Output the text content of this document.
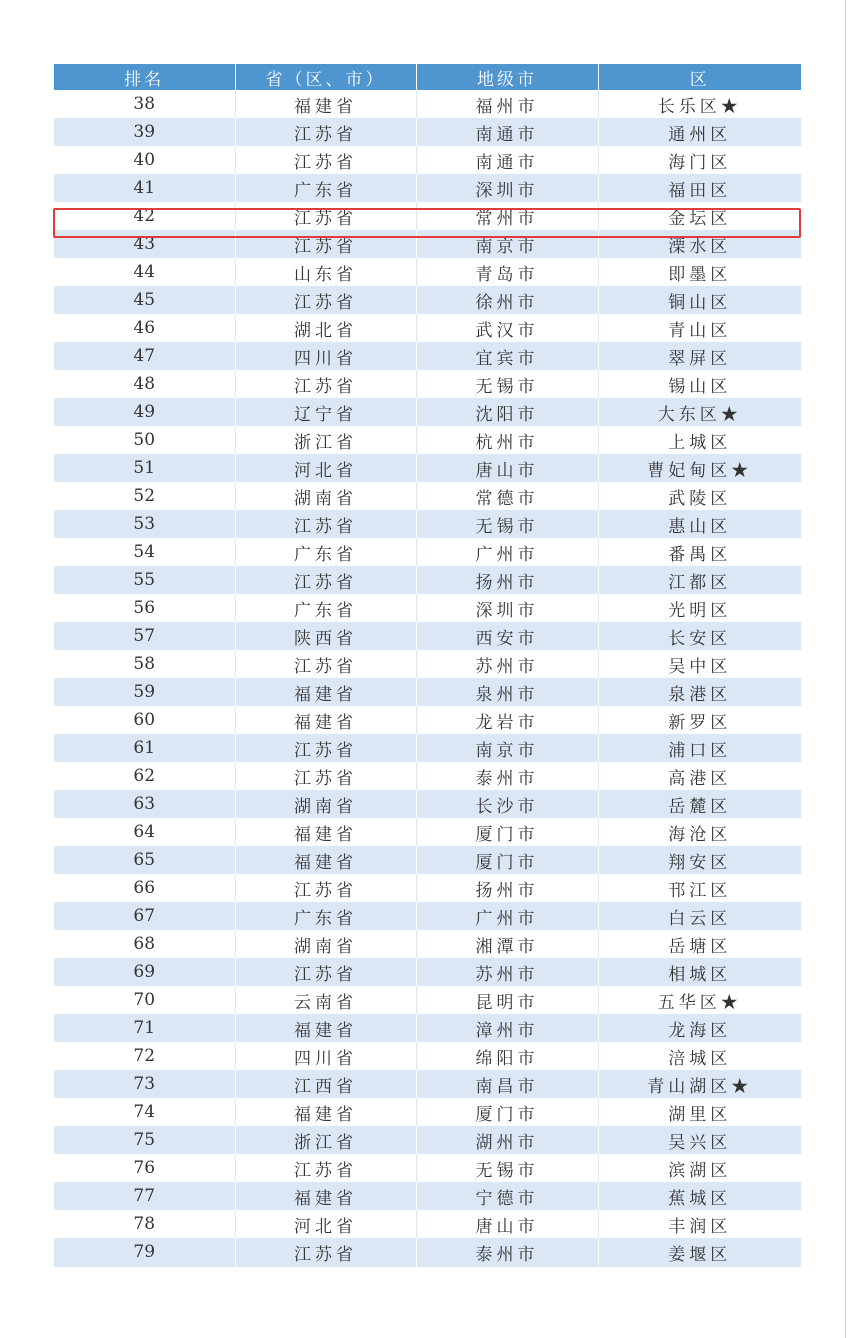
排名	省（区、市）	地级市	区
38	福建省	福州市	长乐区★
39	江苏省	南通市	通州区
40	江苏省	南通市	海门区
41	广东省	深圳市	福田区
42	江苏省	常州市	金坛区
43	江苏省	南京市	溧水区
44	山东省	青岛市	即墨区
45	江苏省	徐州市	铜山区
46	湖北省	武汉市	青山区
47	四川省	宜宾市	翠屏区
48	江苏省	无锡市	锡山区
49	辽宁省	沈阳市	大东区★
50	浙江省	杭州市	上城区
51	河北省	唐山市	曹妃甸区★
52	湖南省	常德市	武陵区
53	江苏省	无锡市	惠山区
54	广东省	广州市	番禺区
55	江苏省	扬州市	江都区
56	广东省	深圳市	光明区
57	陕西省	西安市	长安区
58	江苏省	苏州市	吴中区
59	福建省	泉州市	泉港区
60	福建省	龙岩市	新罗区
61	江苏省	南京市	浦口区
62	江苏省	泰州市	高港区
63	湖南省	长沙市	岳麓区
64	福建省	厦门市	海沧区
65	福建省	厦门市	翔安区
66	江苏省	扬州市	邗江区
67	广东省	广州市	白云区
68	湖南省	湘潭市	岳塘区
69	江苏省	苏州市	相城区
70	云南省	昆明市	五华区★
71	福建省	漳州市	龙海区
72	四川省	绵阳市	涪城区
73	江西省	南昌市	青山湖区★
74	福建省	厦门市	湖里区
75	浙江省	湖州市	吴兴区
76	江苏省	无锡市	滨湖区
77	福建省	宁德市	蕉城区
78	河北省	唐山市	丰润区
79	江苏省	泰州市	姜堰区
